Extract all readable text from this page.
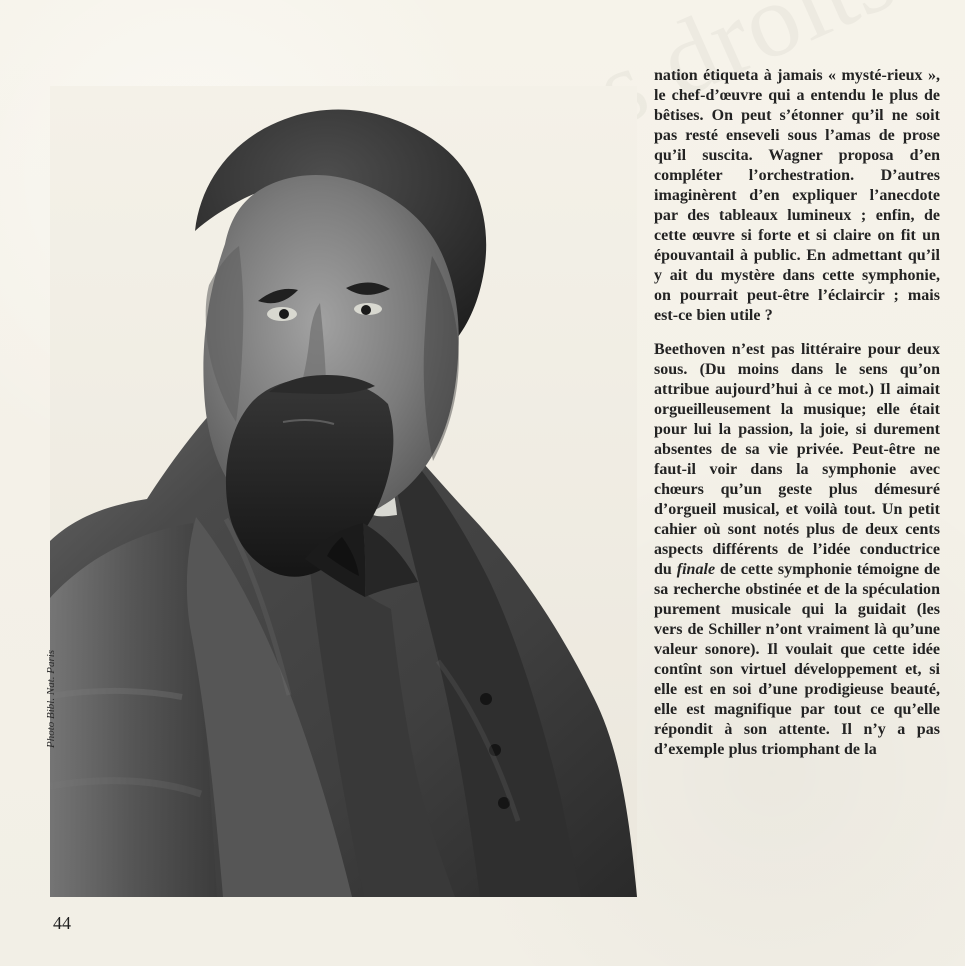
Photo Bibl. Nat. Paris

nation étiqueta à jamais « mysté-rieux », le chef-d’œuvre qui a entendu le plus de bêtises. On peut s’étonner qu’il ne soit pas resté enseveli sous l’amas de prose qu’il suscita. Wagner proposa d’en compléter l’orchestration. D’autres imaginèrent d’en expliquer l’anecdote par des tableaux lumineux ; enfin, de cette œuvre si forte et si claire on fit un épouvantail à public. En admettant qu’il y ait du mystère dans cette symphonie, on pourrait peut-être l’éclaircir ; mais est-ce bien utile ?

Beethoven n’est pas littéraire pour deux sous. (Du moins dans le sens qu’on attribue aujourd’hui à ce mot.) Il aimait orgueilleusement la musique; elle était pour lui la passion, la joie, si durement absentes de sa vie privée. Peut-être ne faut-il voir dans la symphonie avec chœurs qu’un geste plus démesuré d’orgueil musical, et voilà tout. Un petit cahier où sont notés plus de deux cents aspects différents de l’idée conductrice du finale de cette symphonie témoigne de sa recherche obstinée et de la spéculation purement musicale qui la guidait (les vers de Schiller n’ont vraiment là qu’une valeur sonore). Il voulait que cette idée contînt son virtuel développement et, si elle est en soi d’une prodigieuse beauté, elle est magnifique par tout ce qu’elle répondit à son attente. Il n’y a pas d’exemple plus triomphant de la

44
